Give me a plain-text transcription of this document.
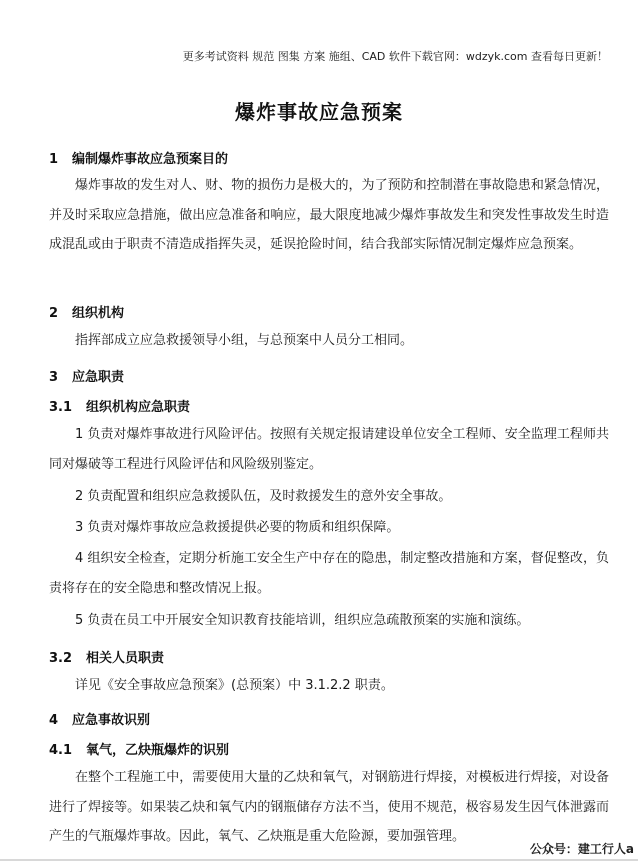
更多考试资料 规范 图集 方案 施组、CAD 软件下载官网：wdzyk.com 查看每日更新！
爆炸事故应急预案
1 编制爆炸事故应急预案目的
爆炸事故的发生对人、财、物的损伤力是极大的，为了预防和控制潜在事故隐患和紧急情况，并及时采取应急措施，做出应急准备和响应，最大限度地减少爆炸事故发生和突发性事故发生时造成混乱或由于职责不清造成指挥失灵，延误抢险时间，结合我部实际情况制定爆炸应急预案。
2 组织机构
指挥部成立应急救援领导小组，与总预案中人员分工相同。
3 应急职责
3.1 组织机构应急职责
1 负责对爆炸事故进行风险评估。按照有关规定报请建设单位安全工程师、安全监理工程师共同对爆破等工程进行风险评估和风险级别鉴定。
2 负责配置和组织应急救援队伍，及时救援发生的意外安全事故。
3 负责对爆炸事故应急救援提供必要的物质和组织保障。
4 组织安全检查，定期分析施工安全生产中存在的隐患，制定整改措施和方案，督促整改，负责将存在的安全隐患和整改情况上报。
5 负责在员工中开展安全知识教育技能培训，组织应急疏散预案的实施和演练。
3.2 相关人员职责
详见《安全事故应急预案》(总预案）中 3.1.2.2 职责。
4 应急事故识别
4.1 氧气，乙炔瓶爆炸的识别
在整个工程施工中，需要使用大量的乙炔和氧气，对钢筋进行焊接，对模板进行焊接，对设备进行了焊接等。如果装乙炔和氧气内的钢瓶储存方法不当，使用不规范，极容易发生因气体泄露而产生的气瓶爆炸事故。因此，氧气、乙炔瓶是重大危险源，要加强管理。
公众号：建工行人a
